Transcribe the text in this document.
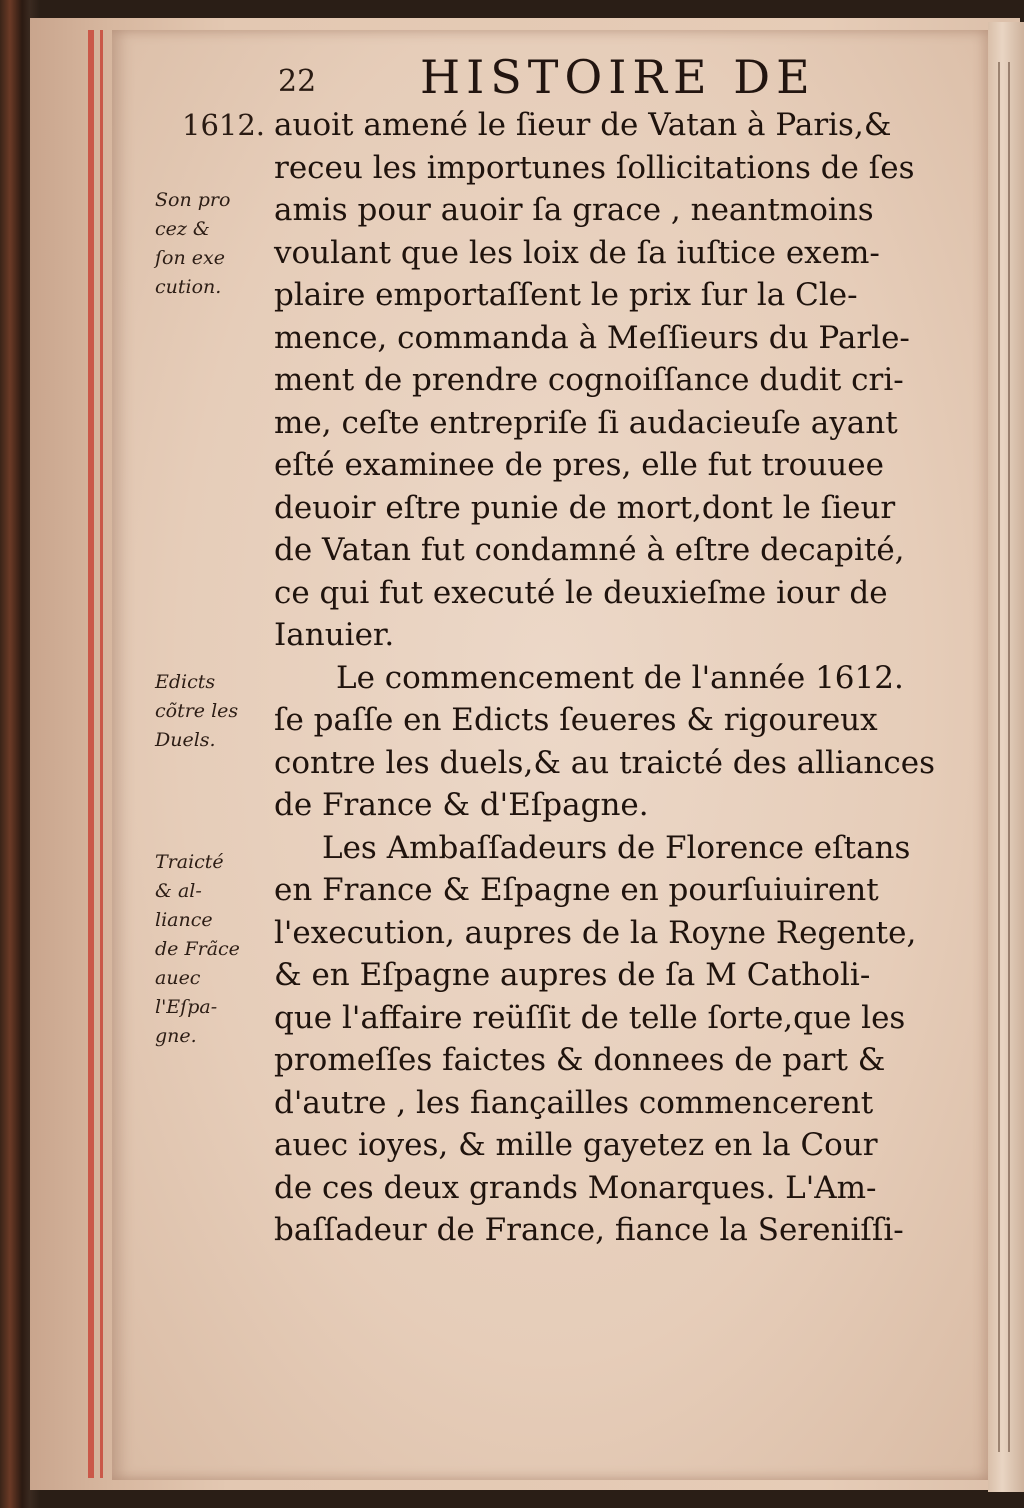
22 HISTOIRE DE
1612.
Son pro
cez &
ſon exe
cution.
Edicts
cõtre les
Duels.
Traicté
& al-
liance
de Frãce
auec
l'Eſpa-
gne.
auoit amené le ſieur de Vatan à Paris,&
receu les importunes ſollicitations de ſes
amis pour auoir ſa grace , neantmoins
voulant que les loix de ſa iuſtice exem-
plaire emportaſſent le prix ſur la Cle-
mence, commanda à Meſſieurs du Parle-
ment de prendre cognoiſſance dudit cri-
me, ceſte entrepriſe ſi audacieuſe ayant
eſté examinee de pres, elle fut trouuee
deuoir eſtre punie de mort,dont le ſieur
de Vatan fut condamné à eſtre decapité,
ce qui fut executé le deuxieſme iour de
Ianuier.
Le commencement de l'année 1612.
ſe paſſe en Edicts ſeueres & rigoureux
contre les duels,& au traicté des alliances
de France & d'Eſpagne.
Les Ambaſſadeurs de Florence eſtans
en France & Eſpagne en pourſuiuirent
l'execution, aupres de la Royne Regente,
& en Eſpagne aupres de ſa M Catholi-
que l'affaire reüſſit de telle ſorte,que les
promeſſes faictes & donnees de part &
d'autre , les fiançailles commencerent
auec ioyes, & mille gayetez en la Cour
de ces deux grands Monarques. L'Am-
baſſadeur de France, fiance la Sereniſſi-
